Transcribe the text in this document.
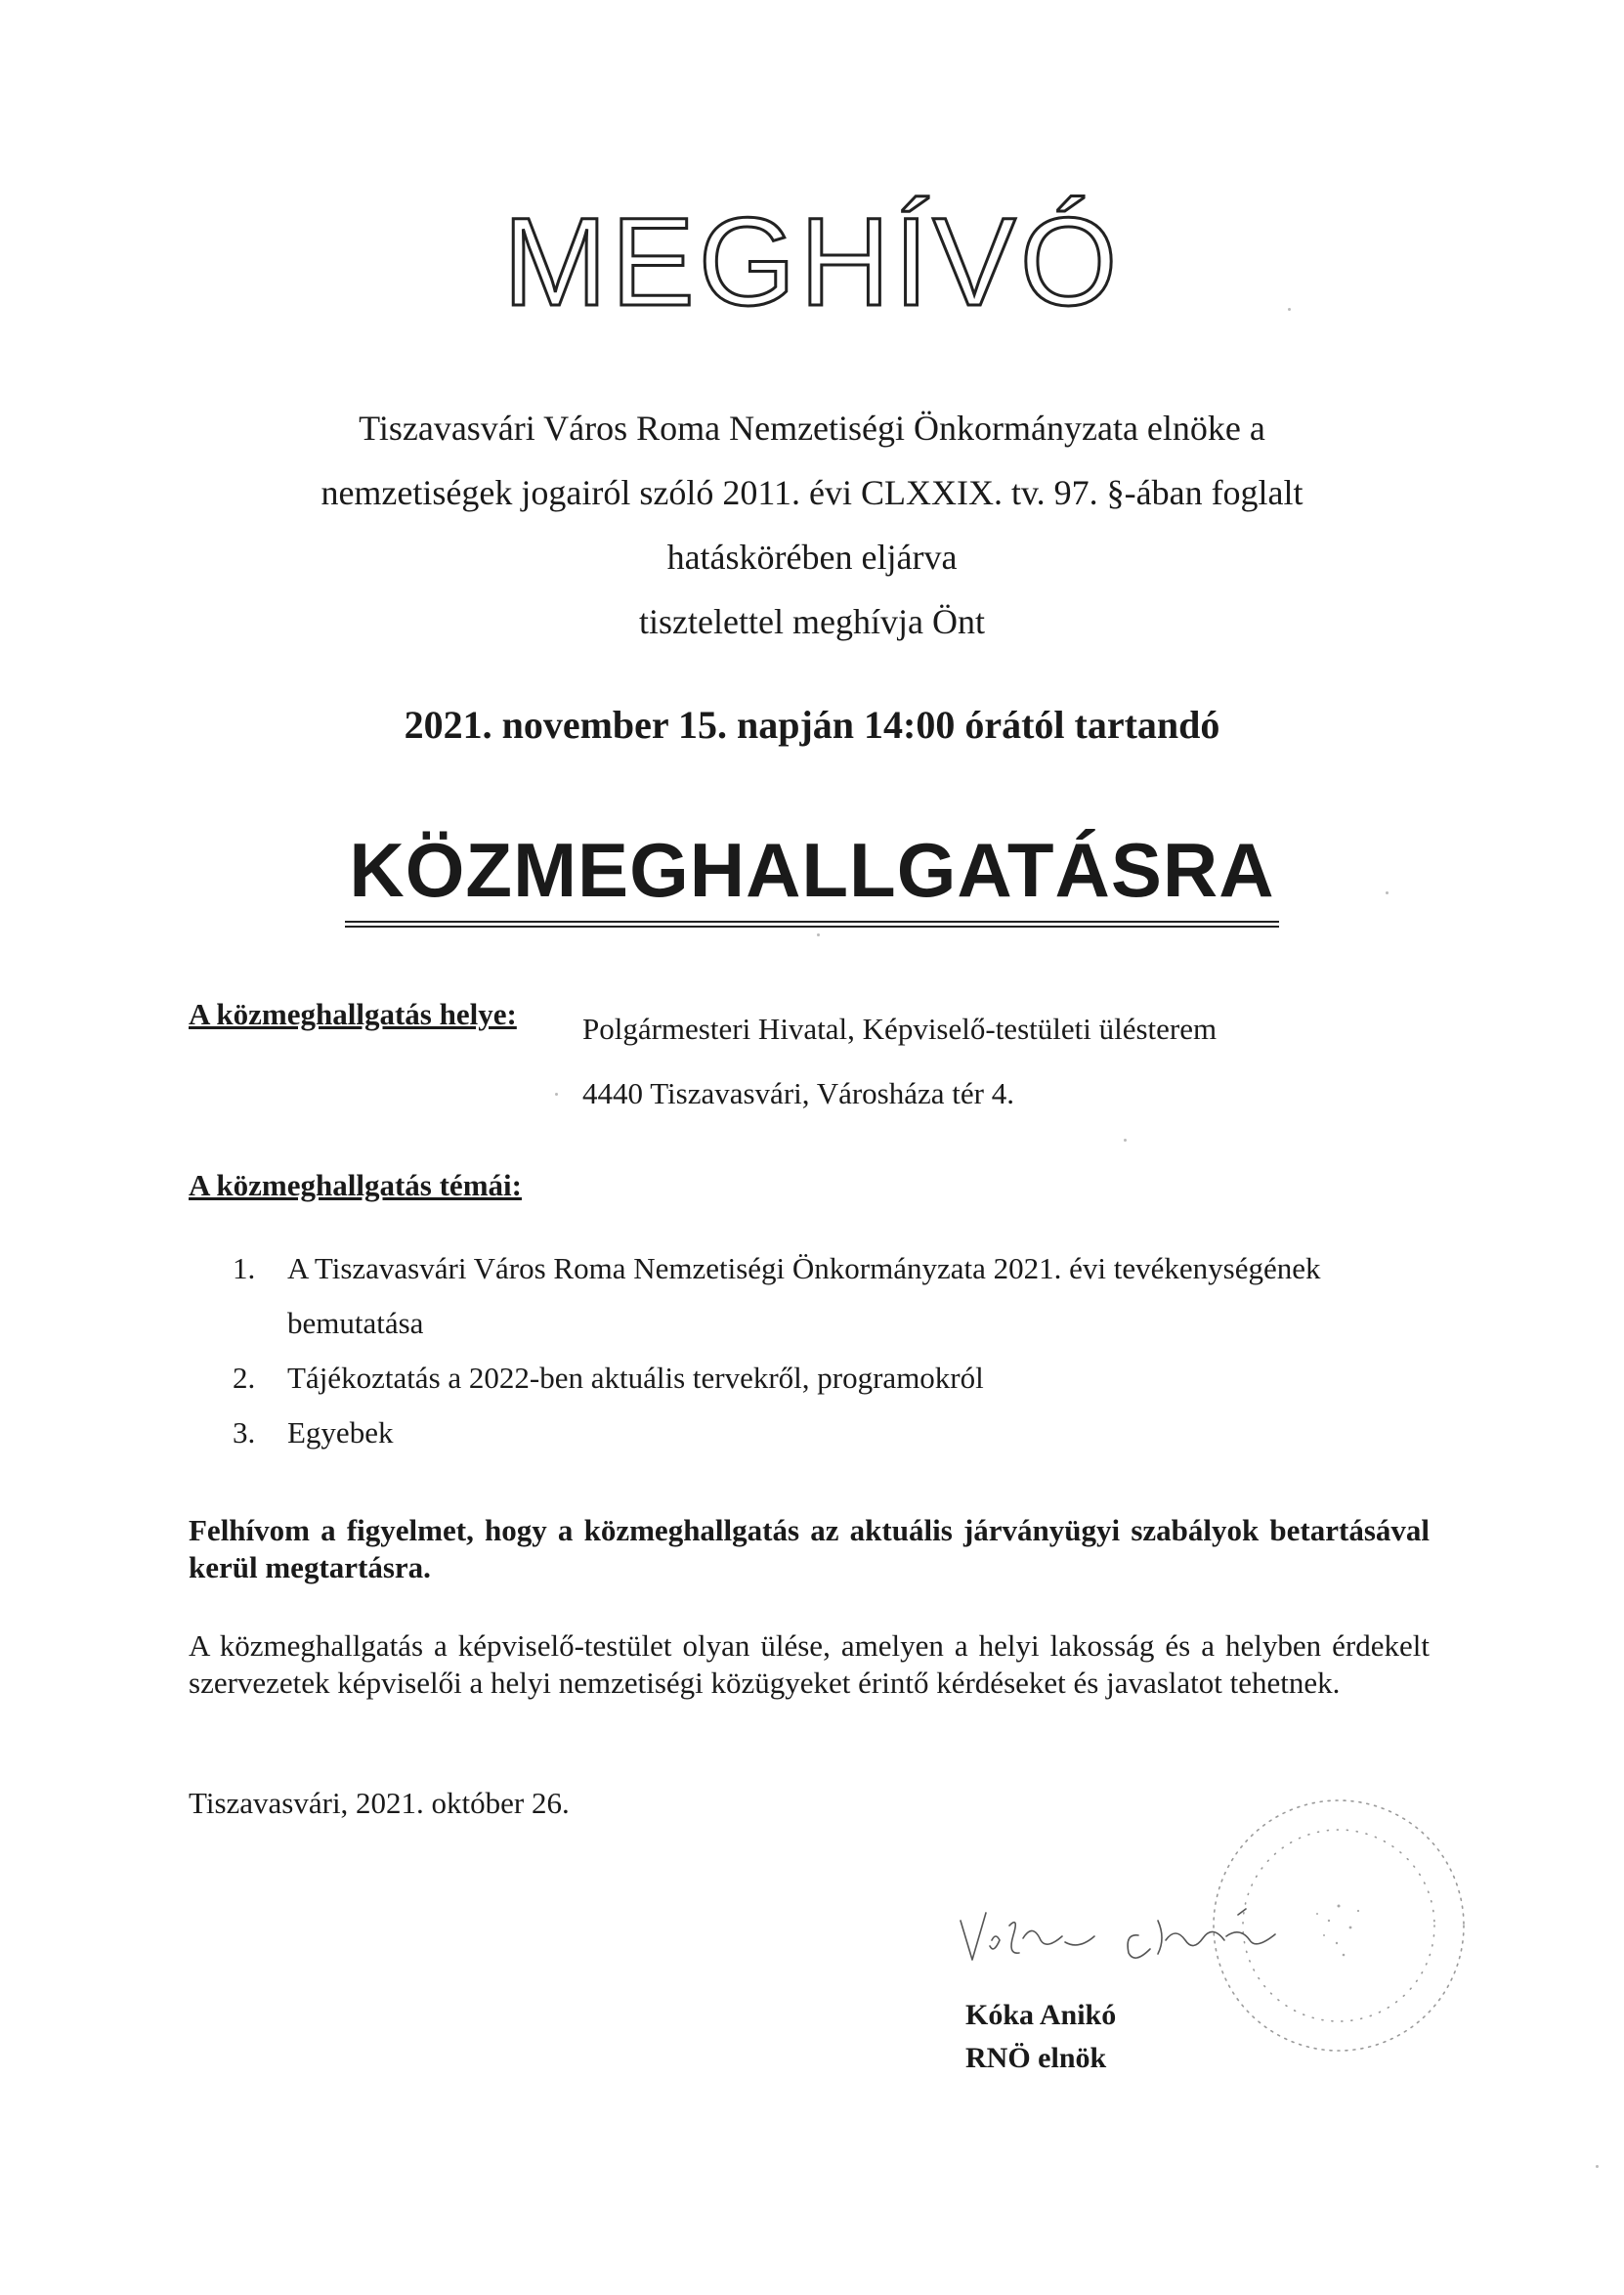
MEGHÍVÓ
Tiszavasvári Város Roma Nemzetiségi Önkormányzata elnöke a
nemzetiségek jogairól szóló 2011. évi CLXXIX. tv. 97. §-ában foglalt
hatáskörében eljárva
tisztelettel meghívja Önt
2021. november 15. napján 14:00 órától tartandó
KÖZMEGHALLGATÁSRA
A közmeghallgatás helye: Polgármesteri Hivatal, Képviselő-testületi ülésterem
4440 Tiszavasvári, Városháza tér 4.
A közmeghallgatás témái:
1.	A Tiszavasvári Város Roma Nemzetiségi Önkormányzata 2021. évi tevékenységének bemutatása
2.	Tájékoztatás a 2022-ben aktuális tervekről, programokról
3.	Egyebek
Felhívom a figyelmet, hogy a közmeghallgatás az aktuális járványügyi szabályok betartásával kerül megtartásra.
A közmeghallgatás a képviselő-testület olyan ülése, amelyen a helyi lakosság és a helyben érdekelt szervezetek képviselői a helyi nemzetiségi közügyeket érintő kérdéseket és javaslatot tehetnek.
Tiszavasvári, 2021. október 26.
Kóka Anikó
RNÖ elnök
